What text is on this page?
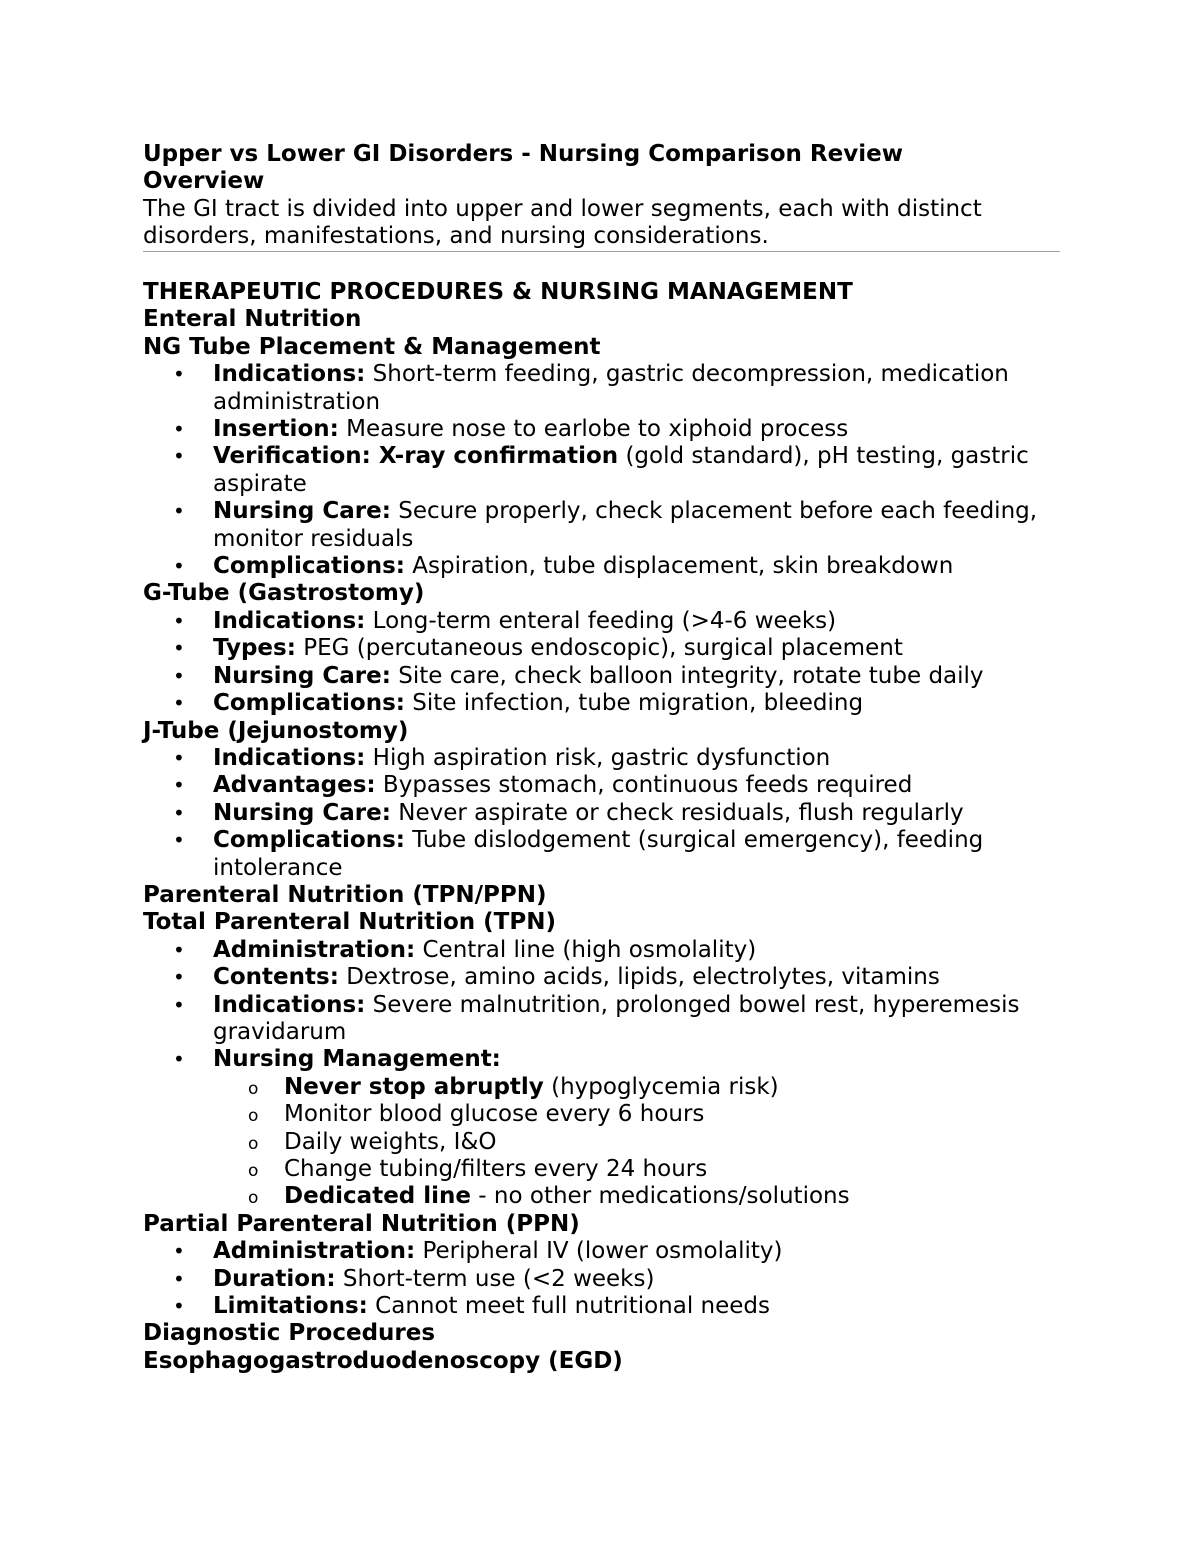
Upper vs Lower GI Disorders - Nursing Comparison Review
Overview
The GI tract is divided into upper and lower segments, each with distinct
disorders, manifestations, and nursing considerations.
THERAPEUTIC PROCEDURES & NURSING MANAGEMENT
Enteral Nutrition
NG Tube Placement & Management
• Indications: Short-term feeding, gastric decompression, medication
administration
• Insertion: Measure nose to earlobe to xiphoid process
• Verification: X-ray confirmation (gold standard), pH testing, gastric
aspirate
• Nursing Care: Secure properly, check placement before each feeding,
monitor residuals
• Complications: Aspiration, tube displacement, skin breakdown
G-Tube (Gastrostomy)
• Indications: Long-term enteral feeding (>4-6 weeks)
• Types: PEG (percutaneous endoscopic), surgical placement
• Nursing Care: Site care, check balloon integrity, rotate tube daily
• Complications: Site infection, tube migration, bleeding
J-Tube (Jejunostomy)
• Indications: High aspiration risk, gastric dysfunction
• Advantages: Bypasses stomach, continuous feeds required
• Nursing Care: Never aspirate or check residuals, flush regularly
• Complications: Tube dislodgement (surgical emergency), feeding
intolerance
Parenteral Nutrition (TPN/PPN)
Total Parenteral Nutrition (TPN)
• Administration: Central line (high osmolality)
• Contents: Dextrose, amino acids, lipids, electrolytes, vitamins
• Indications: Severe malnutrition, prolonged bowel rest, hyperemesis
gravidarum
• Nursing Management:
o Never stop abruptly (hypoglycemia risk)
o Monitor blood glucose every 6 hours
o Daily weights, I&O
o Change tubing/filters every 24 hours
o Dedicated line - no other medications/solutions
Partial Parenteral Nutrition (PPN)
• Administration: Peripheral IV (lower osmolality)
• Duration: Short-term use (<2 weeks)
• Limitations: Cannot meet full nutritional needs
Diagnostic Procedures
Esophagogastroduodenoscopy (EGD)
